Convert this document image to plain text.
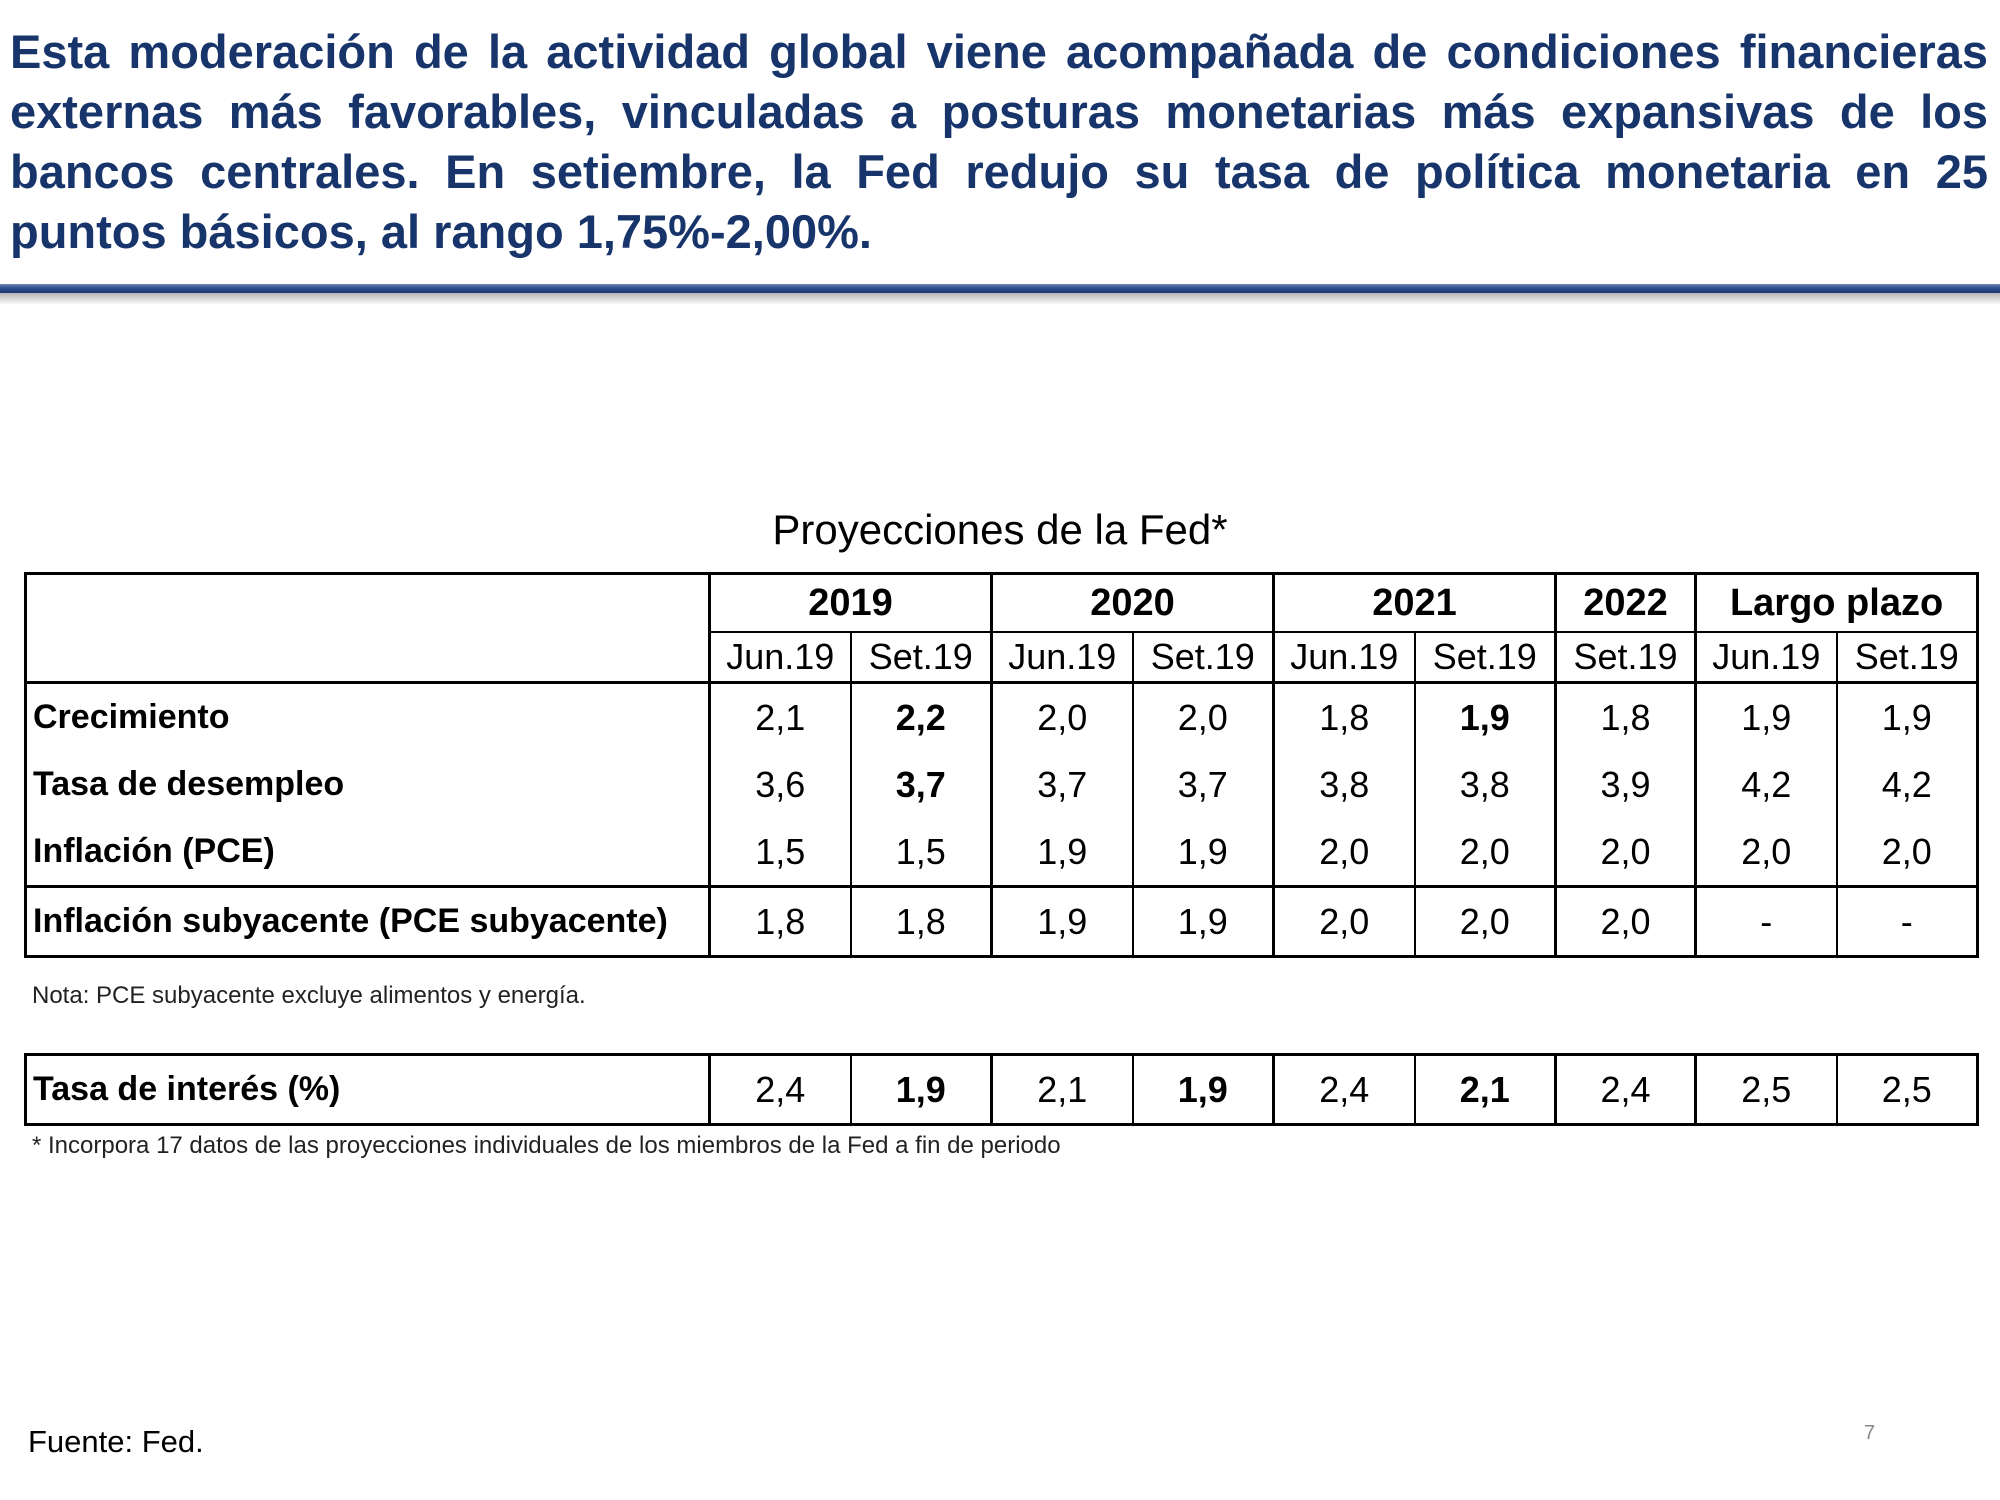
Esta moderación de la actividad global viene acompañada de condiciones financieras externas más favorables, vinculadas a posturas monetarias más expansivas de los bancos centrales. En setiembre, la Fed redujo su tasa de política monetaria en 25 puntos básicos, al rango 1,75%-2,00%.

Proyecciones de la Fed*
	2019		2020		2021		2022	Largo plazo	
	Jun.19	Set.19	Jun.19	Set.19	Jun.19	Set.19	Set.19	Jun.19	Set.19
Crecimiento	2,1	2,2	2,0	2,0	1,8	1,9	1,8	1,9	1,9
Tasa de desempleo	3,6	3,7	3,7	3,7	3,8	3,8	3,9	4,2	4,2
Inflación (PCE)	1,5	1,5	1,9	1,9	2,0	2,0	2,0	2,0	2,0
Inflación subyacente (PCE subyacente)	1,8	1,8	1,9	1,9	2,0	2,0	2,0	-	-
Nota: PCE subyacente excluye alimentos y energía.
Tasa de interés (%)	2,4	1,9	2,1	1,9	2,4	2,1	2,4	2,5	2,5
* Incorpora 17 datos de las proyecciones individuales de los miembros de la Fed a fin de periodo
Fuente: Fed.	7
